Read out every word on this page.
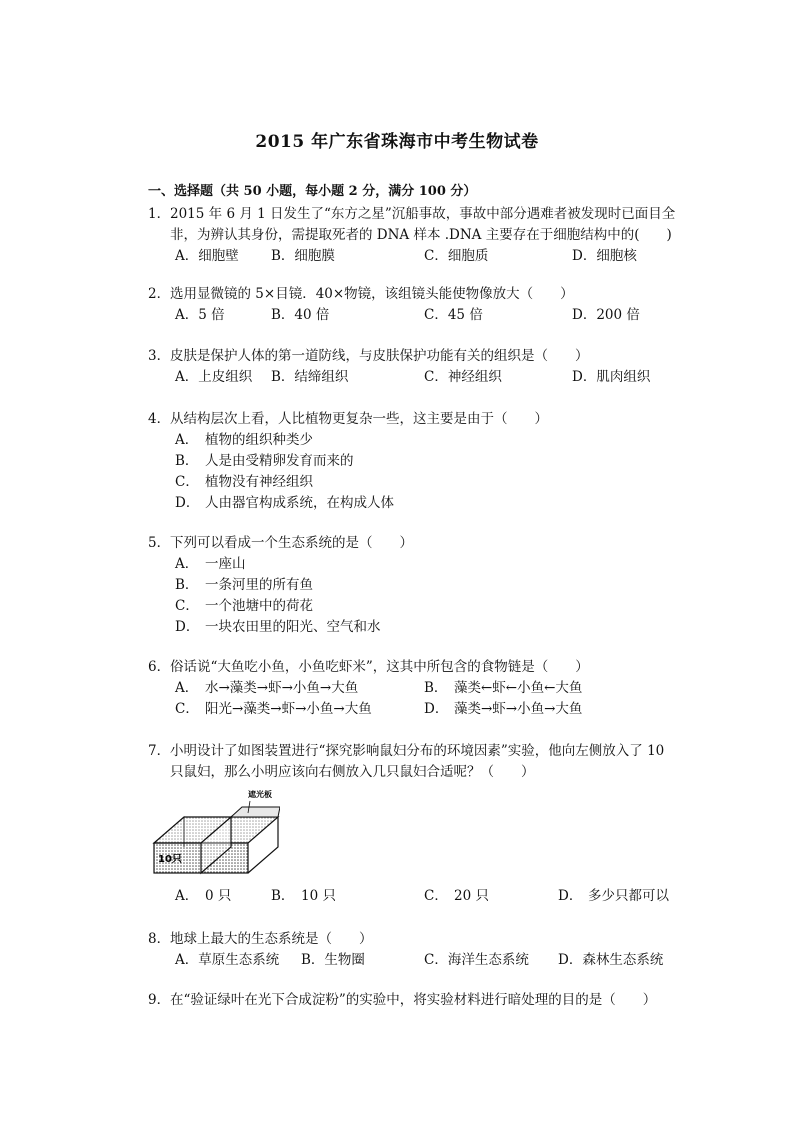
2015 年广东省珠海市中考生物试卷
一、选择题（共 50 小题，每小题 2 分，满分 100 分）
1．2015 年 6 月 1 日发生了“东方之星”沉船事故，事故中部分遇难者被发现时已面目全
非，为辨认其身份，需提取死者的 DNA 样本 .DNA 主要存在于细胞结构中的(　　)
A．细胞壁 B．细胞膜	C．细胞质	D．细胞核
2．选用显微镜的 5×目镜．40×物镜，该组镜头能使物像放大（　　）
A．5 倍	B．40 倍	C．45 倍	D．200 倍
3．皮肤是保护人体的第一道防线，与皮肤保护功能有关的组织是（　　）
A．上皮组织 B．结缔组织	C．神经组织	D．肌肉组织
4．从结构层次上看，人比植物更复杂一些，这主要是由于（　　）
A． 植物的组织种类少
B． 人是由受精卵发育而来的
C． 植物没有神经组织
D． 人由器官构成系统，在构成人体
5．下列可以看成一个生态系统的是（　　）
A． 一座山
B． 一条河里的所有鱼
C． 一个池塘中的荷花
D． 一块农田里的阳光、空气和水
6．俗话说“大鱼吃小鱼，小鱼吃虾米”，这其中所包含的食物链是（　　）
A． 水→藻类→虾→小鱼→大鱼	B． 藻类←虾←小鱼←大鱼
C． 阳光→藻类→虾→小鱼→大鱼	D． 藻类→虾→小鱼→大鱼
7．小明设计了如图装置进行“探究影响鼠妇分布的环境因素”实验，他向左侧放入了 10
只鼠妇，那么小明应该向右侧放入几只鼠妇合适呢？（　　）
遮光板
10只
A． 0 只	B． 10 只	C． 20 只	D． 多少只都可以
8．地球上最大的生态系统是（　　）
A．草原生态系统 B．生物圈	C．海洋生态系统 D．森林生态系统
9．在“验证绿叶在光下合成淀粉”的实验中，将实验材料进行暗处理的目的是（　　）
